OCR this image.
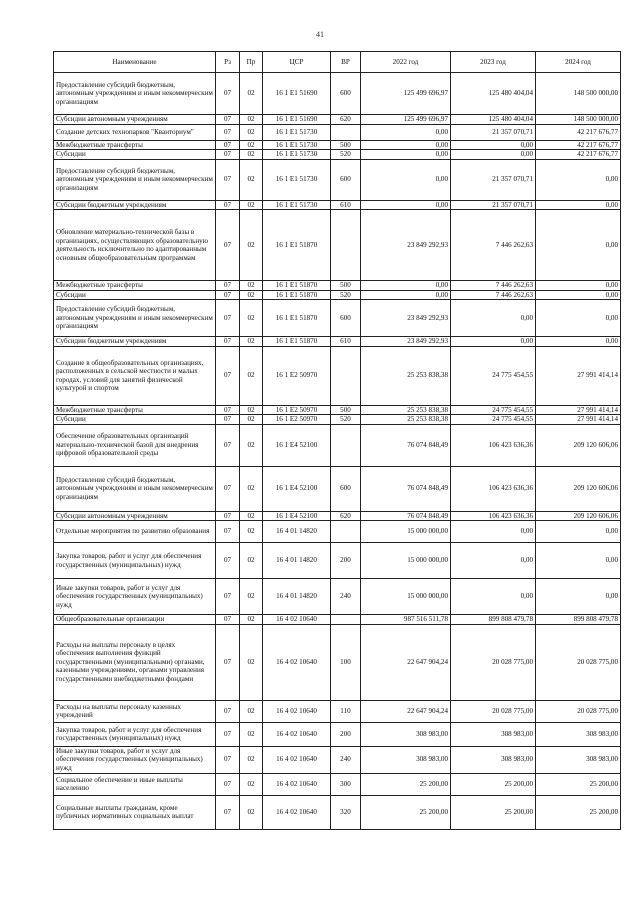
41
Наименование	Рз	Пр	ЦСР	ВР	2022 год	2023 год	2024 год
Предоставление субсидий бюджетным, автономным учреждениям и иным некоммерческим организациям	07	02	16 1 E1 51690	600	125 499 696,97	125 480 404,04	148 500 000,00
Субсидии автономным учреждениям	07	02	16 1 E1 51690	620	125 499 696,97	125 480 404,04	148 500 000,00
Создание детских технопарков "Кванториум"	07	02	16 1 E1 51730		0,00	21 357 070,71	42 217 676,77
Межбюджетные трансферты	07	02	16 1 E1 51730	500	0,00	0,00	42 217 676,77
Субсидии	07	02	16 1 E1 51730	520	0,00	0,00	42 217 676,77
Предоставление субсидий бюджетным, автономным учреждениям и иным некоммерческим организациям	07	02	16 1 E1 51730	600	0,00	21 357 070,71	0,00
Субсидии бюджетным учреждениям	07	02	16 1 E1 51730	610	0,00	21 357 070,71	0,00
Обновление материально-технической базы в организациях, осуществляющих образовательную деятельность исключительно по адаптированным основным общеобразовательным программам	07	02	16 1 E1 51870		23 849 292,93	7 446 262,63	0,00
Межбюджетные трансферты	07	02	16 1 E1 51870	500	0,00	7 446 262,63	0,00
Субсидии	07	02	16 1 E1 51870	520	0,00	7 446 262,63	0,00
Предоставление субсидий бюджетным, автономным учреждениям и иным некоммерческим организациям	07	02	16 1 E1 51870	600	23 849 292,93	0,00	0,00
Субсидии бюджетным учреждениям	07	02	16 1 E1 51870	610	23 849 292,93	0,00	0,00
Создание в общеобразовательных организациях, расположенных в сельской местности и малых городах, условий для занятий физической культурой и спортом	07	02	16 1 E2 50970		25 253 838,38	24 775 454,55	27 991 414,14
Межбюджетные трансферты	07	02	16 1 E2 50970	500	25 253 838,38	24 775 454,55	27 991 414,14
Субсидии	07	02	16 1 E2 50970	520	25 253 838,38	24 775 454,55	27 991 414,14
Обеспечение образовательных организаций материально-технической базой для внедрения цифровой образовательной среды	07	02	16 1 E4 52100		76 074 848,49	106 423 636,36	209 120 606,06
Предоставление субсидий бюджетным, автономным учреждениям и иным некоммерческим организациям	07	02	16 1 E4 52100	600	76 074 848,49	106 423 636,36	209 120 606,06
Субсидии автономным учреждениям	07	02	16 1 E4 52100	620	76 074 848,49	106 423 636,36	209 120 606,06
Отдельные мероприятия по развитию образования	07	02	16 4 01 14820		15 000 000,00	0,00	0,00
Закупка товаров, работ и услуг для обеспечения государственных (муниципальных) нужд	07	02	16 4 01 14820	200	15 000 000,00	0,00	0,00
Иные закупки товаров, работ и услуг для обеспечения государственных (муниципальных) нужд	07	02	16 4 01 14820	240	15 000 000,00	0,00	0,00
Общеобразовательные организации	07	02	16 4 02 10640		987 516 511,78	899 808 479,78	899 808 479,78
Расходы на выплаты персоналу в целях обеспечения выполнения функций государственными (муниципальными) органами, казенными учреждениями, органами управления государственными внебюджетными фондами	07	02	16 4 02 10640	100	22 647 904,24	20 028 775,00	20 028 775,00
Расходы на выплаты персоналу казенных учреждений	07	02	16 4 02 10640	110	22 647 904,24	20 028 775,00	20 028 775,00
Закупка товаров, работ и услуг для обеспечения государственных (муниципальных) нужд	07	02	16 4 02 10640	200	308 983,00	308 983,00	308 983,00
Иные закупки товаров, работ и услуг для обеспечения государственных (муниципальных) нужд	07	02	16 4 02 10640	240	308 983,00	308 983,00	308 983,00
Социальное обеспечение и иные выплаты населению	07	02	16 4 02 10640	300	25 200,00	25 200,00	25 200,00
Социальные выплаты гражданам, кроме публичных нормативных социальных выплат	07	02	16 4 02 10640	320	25 200,00	25 200,00	25 200,00
